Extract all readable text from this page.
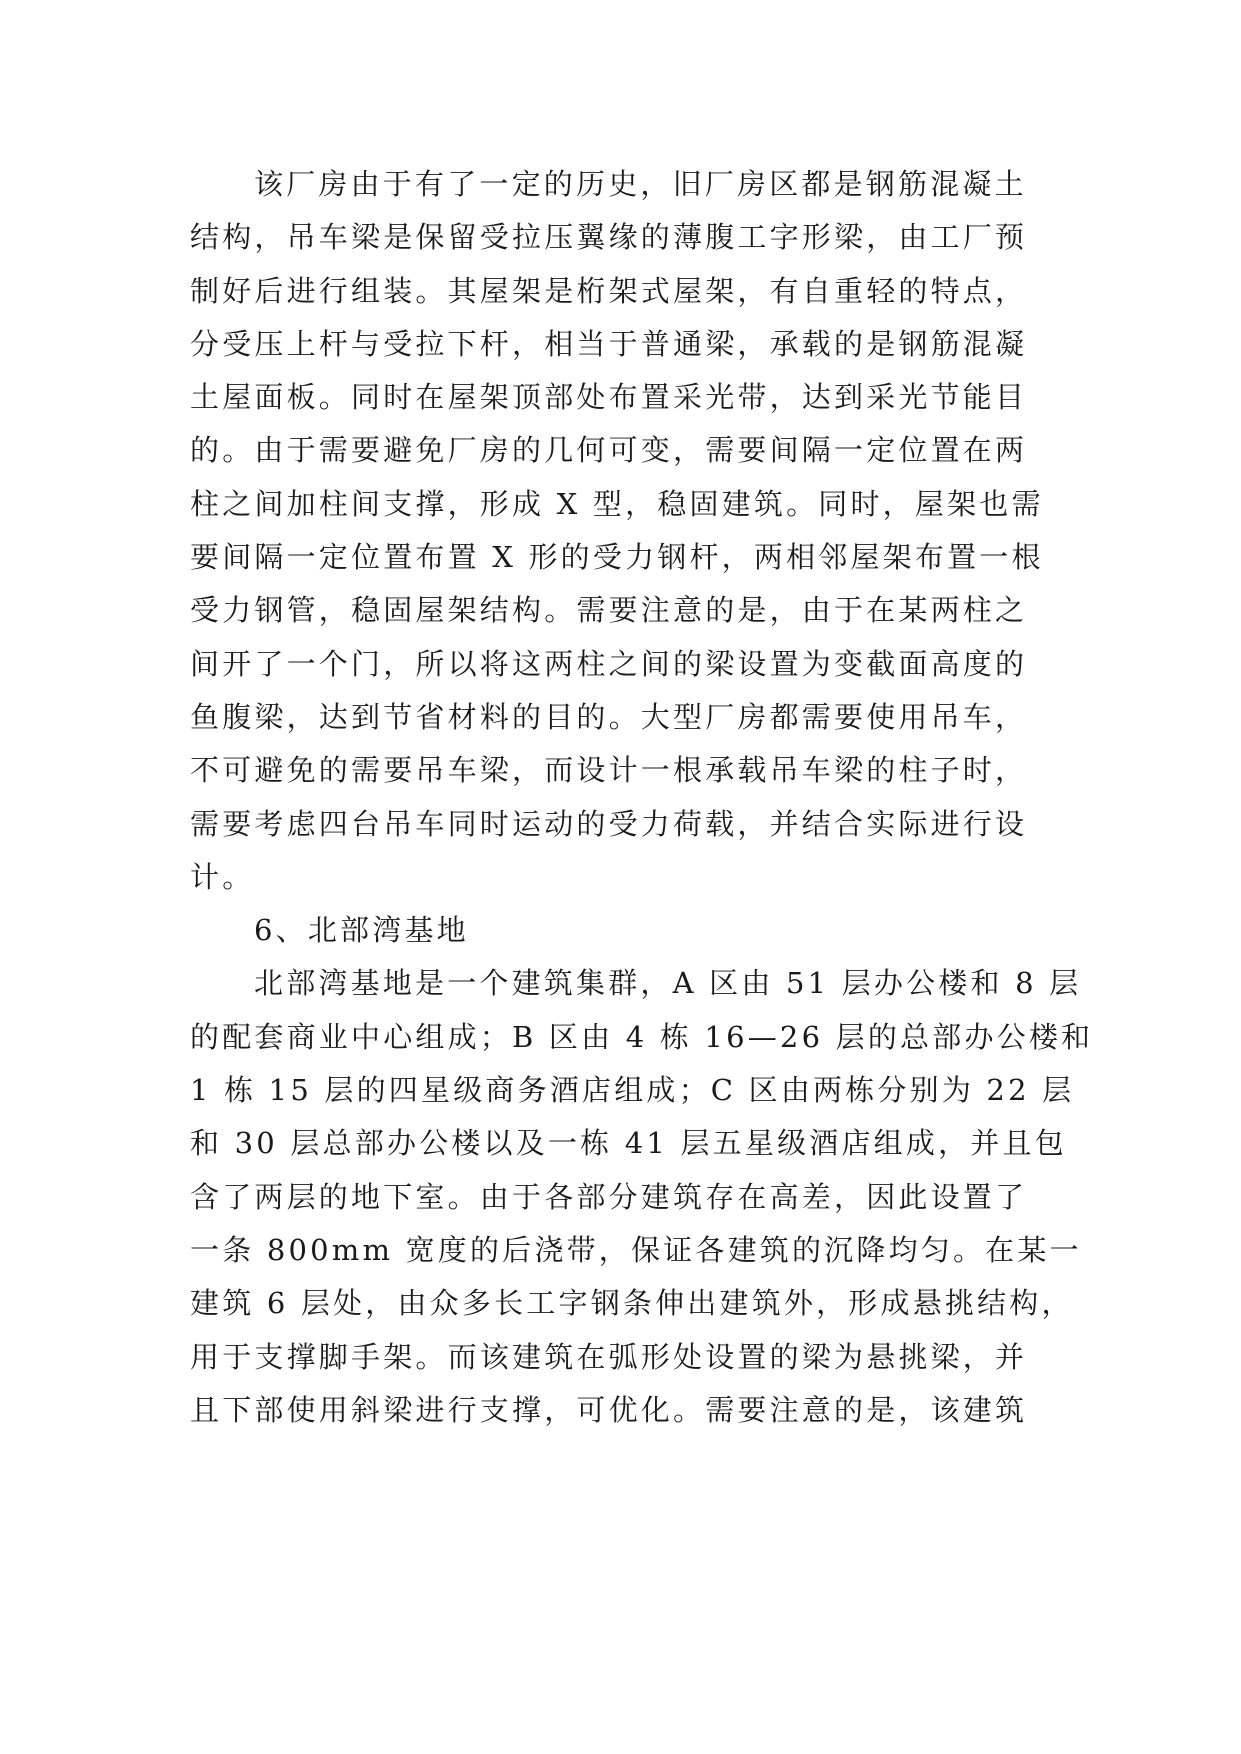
该厂房由于有了一定的历史，旧厂房区都是钢筋混凝土
结构，吊车梁是保留受拉压翼缘的薄腹工字形梁，由工厂预
制好后进行组装。其屋架是桁架式屋架，有自重轻的特点，
分受压上杆与受拉下杆，相当于普通梁，承载的是钢筋混凝
土屋面板。同时在屋架顶部处布置采光带，达到采光节能目
的。由于需要避免厂房的几何可变，需要间隔一定位置在两
柱之间加柱间支撑，形成 X 型，稳固建筑。同时，屋架也需
要间隔一定位置布置 X 形的受力钢杆，两相邻屋架布置一根
受力钢管，稳固屋架结构。需要注意的是，由于在某两柱之
间开了一个门，所以将这两柱之间的梁设置为变截面高度的
鱼腹梁，达到节省材料的目的。大型厂房都需要使用吊车，
不可避免的需要吊车梁，而设计一根承载吊车梁的柱子时，
需要考虑四台吊车同时运动的受力荷载，并结合实际进行设
计。
6、北部湾基地
北部湾基地是一个建筑集群，A 区由 51 层办公楼和 8 层
的配套商业中心组成；B 区由 4 栋 16—26 层的总部办公楼和
1 栋 15 层的四星级商务酒店组成；C 区由两栋分别为 22 层
和 30 层总部办公楼以及一栋 41 层五星级酒店组成，并且包
含了两层的地下室。由于各部分建筑存在高差，因此设置了
一条 800mm 宽度的后浇带，保证各建筑的沉降均匀。在某一
建筑 6 层处，由众多长工字钢条伸出建筑外，形成悬挑结构，
用于支撑脚手架。而该建筑在弧形处设置的梁为悬挑梁，并
且下部使用斜梁进行支撑，可优化。需要注意的是，该建筑
